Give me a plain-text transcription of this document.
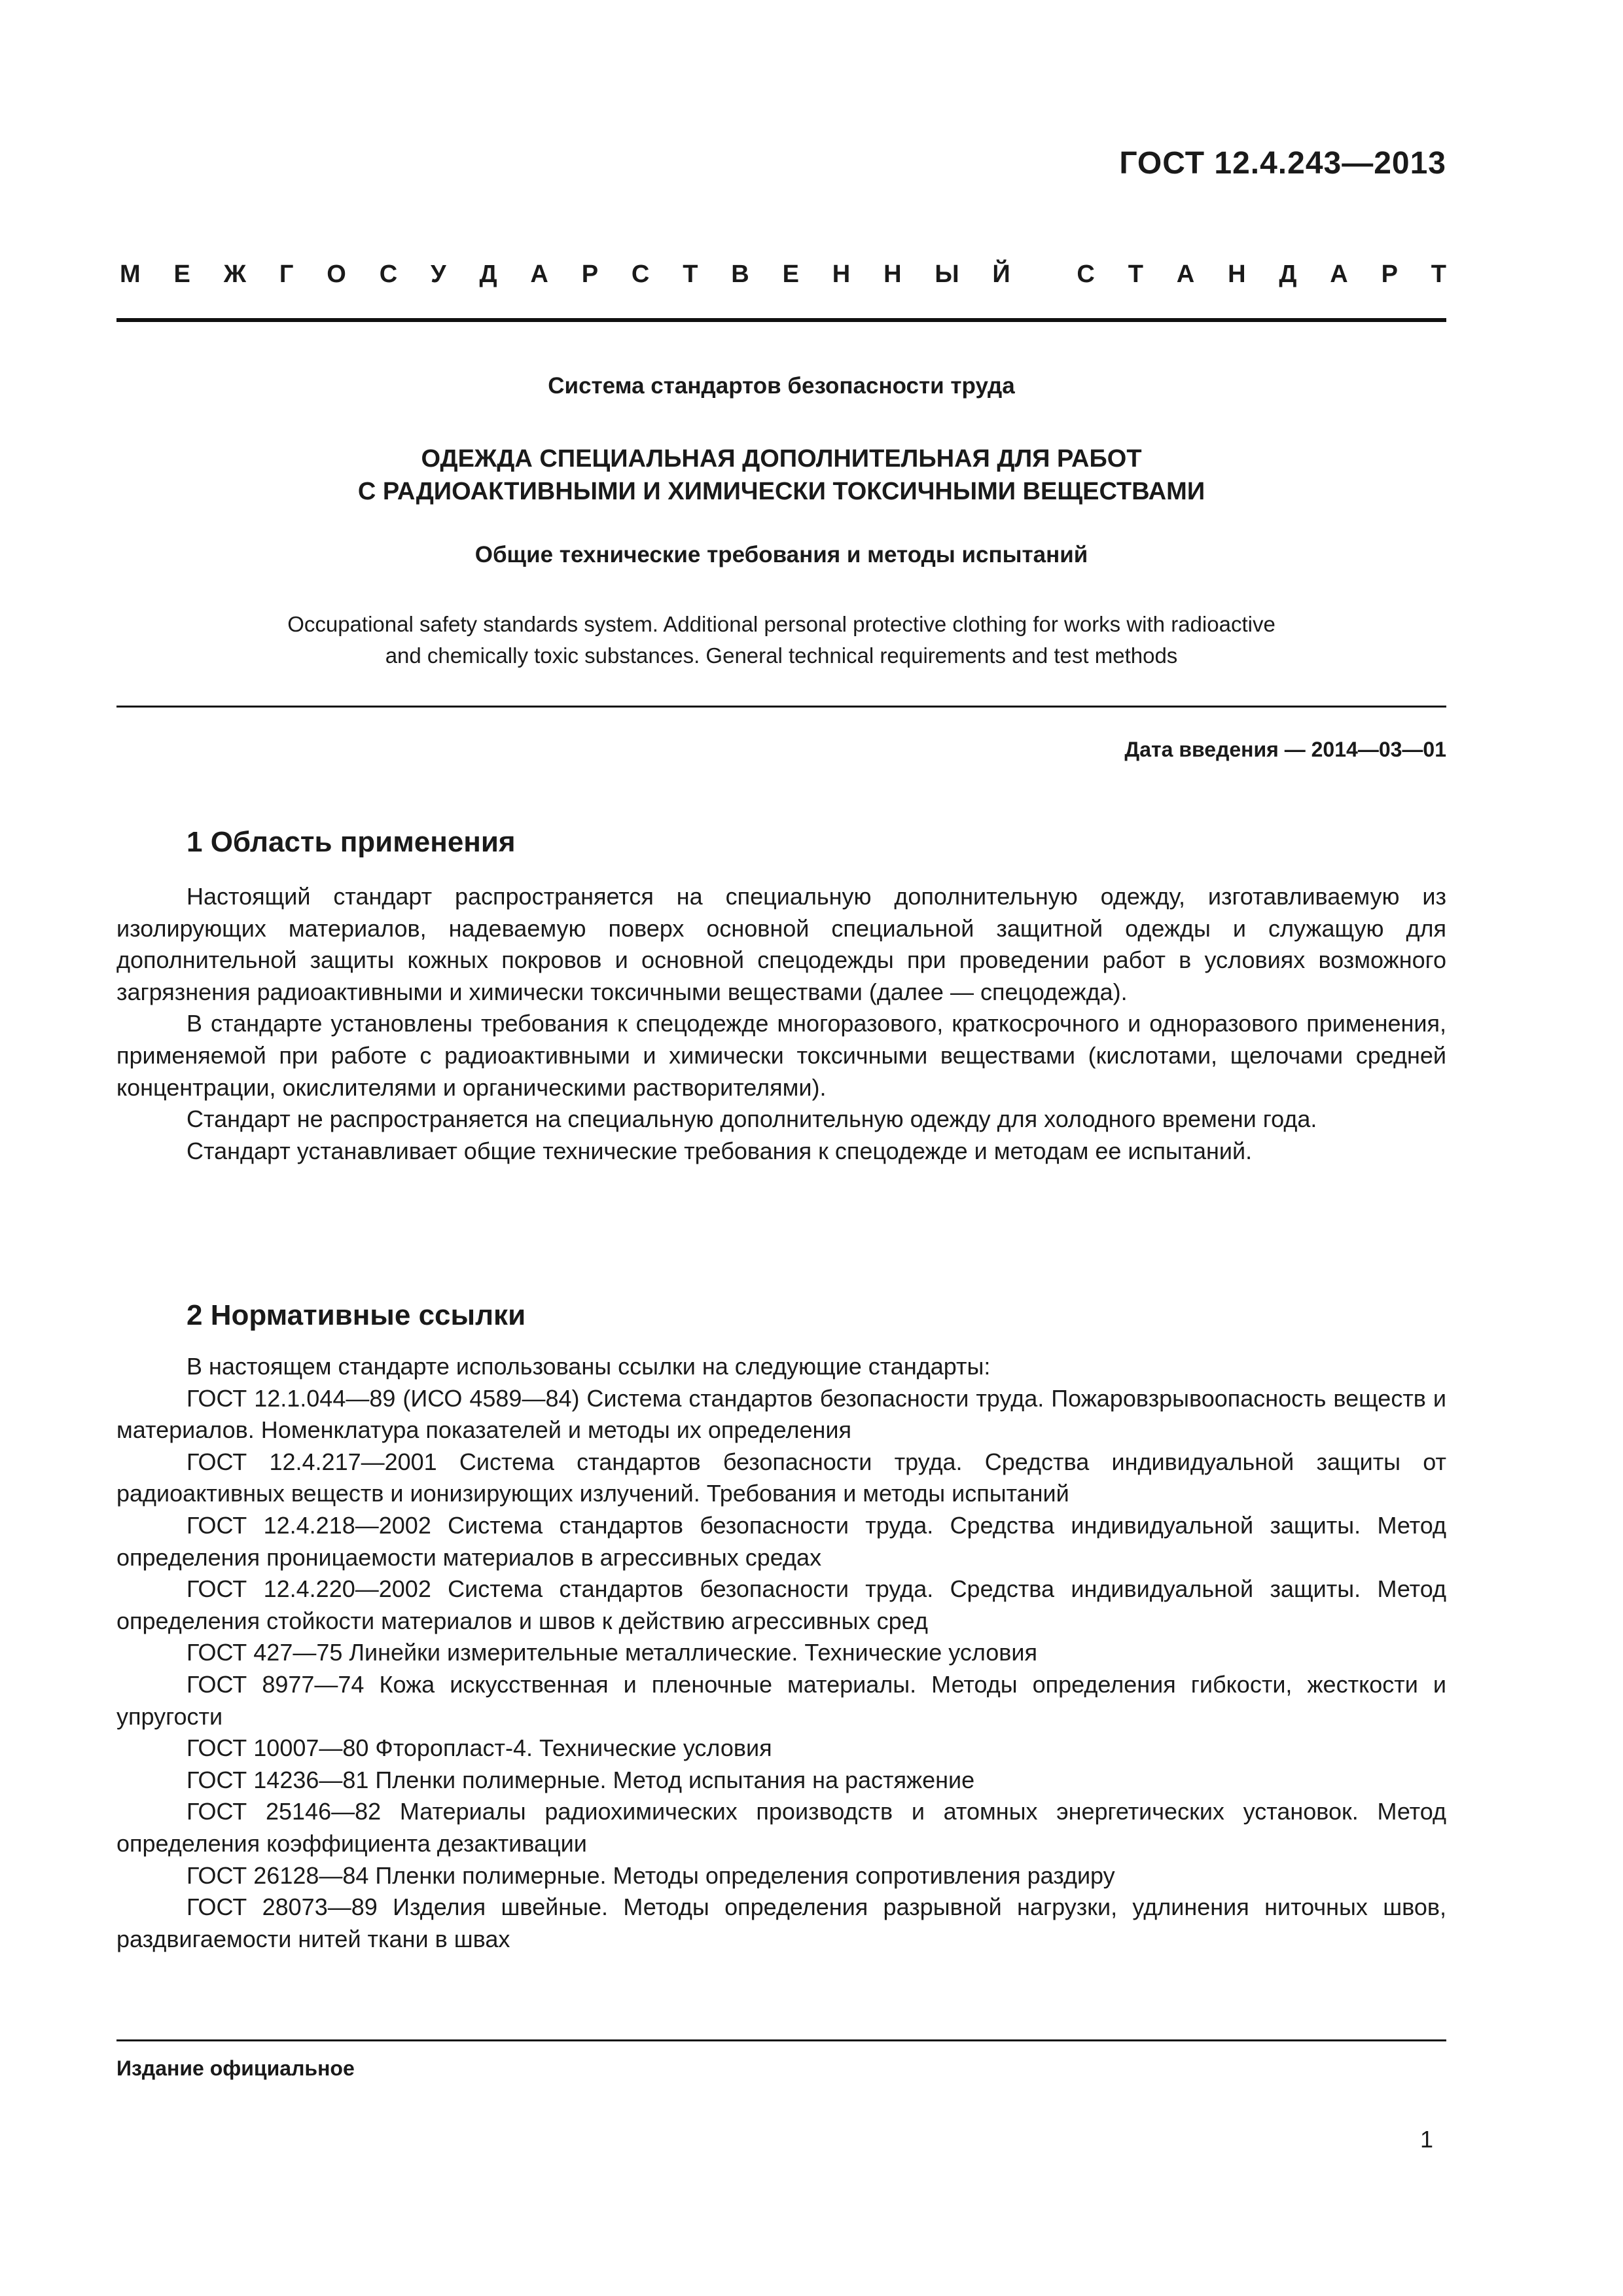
ГОСТ 12.4.243—2013
М Е Ж Г О С У Д А Р С Т В Е Н Н Ы Й	С Т А Н Д А Р Т
Система стандартов безопасности труда
ОДЕЖДА СПЕЦИАЛЬНАЯ ДОПОЛНИТЕЛЬНАЯ ДЛЯ РАБОТ
С РАДИОАКТИВНЫМИ И ХИМИЧЕСКИ ТОКСИЧНЫМИ ВЕЩЕСТВАМИ
Общие технические требования и методы испытаний
Occupational safety standards system. Additional personal protective clothing for works with radioactive
and chemically toxic substances. General technical requirements and test methods
Дата введения — 2014—03—01
1 Область применения

Настоящий стандарт распространяется на специальную дополнительную одежду, изготавливаемую из изолирующих материалов, надеваемую поверх основной специальной защитной одежды и служащую для дополнительной защиты кожных покровов и основной спецодежды при проведении работ в условиях возможного загрязнения радиоактивными и химически токсичными веществами (далее — спецодежда).

В стандарте установлены требования к спецодежде многоразового, краткосрочного и одноразового применения, применяемой при работе с радиоактивными и химически токсичными веществами (кислотами, щелочами средней концентрации, окислителями и органическими растворителями).

Стандарт не распространяется на специальную дополнительную одежду для холодного времени года.

Стандарт устанавливает общие технические требования к спецодежде и методам ее испытаний.

2 Нормативные ссылки

В настоящем стандарте использованы ссылки на следующие стандарты:

ГОСТ 12.1.044—89 (ИСО 4589—84) Система стандартов безопасности труда. Пожаровзрывоопасность веществ и материалов. Номенклатура показателей и методы их определения

ГОСТ 12.4.217—2001 Система стандартов безопасности труда. Средства индивидуальной защиты от радиоактивных веществ и ионизирующих излучений. Требования и методы испытаний

ГОСТ 12.4.218—2002 Система стандартов безопасности труда. Средства индивидуальной защиты. Метод определения проницаемости материалов в агрессивных средах

ГОСТ 12.4.220—2002 Система стандартов безопасности труда. Средства индивидуальной защиты. Метод определения стойкости материалов и швов к действию агрессивных сред

ГОСТ 427—75 Линейки измерительные металлические. Технические условия

ГОСТ 8977—74 Кожа искусственная и пленочные материалы. Методы определения гибкости, жесткости и упругости

ГОСТ 10007—80 Фторопласт-4. Технические условия

ГОСТ 14236—81 Пленки полимерные. Метод испытания на растяжение

ГОСТ 25146—82 Материалы радиохимических производств и атомных энергетических установок. Метод определения коэффициента дезактивации

ГОСТ 26128—84 Пленки полимерные. Методы определения сопротивления раздиру

ГОСТ 28073—89 Изделия швейные. Методы определения разрывной нагрузки, удлинения ниточных швов, раздвигаемости нитей ткани в швах

Издание официальное
1
